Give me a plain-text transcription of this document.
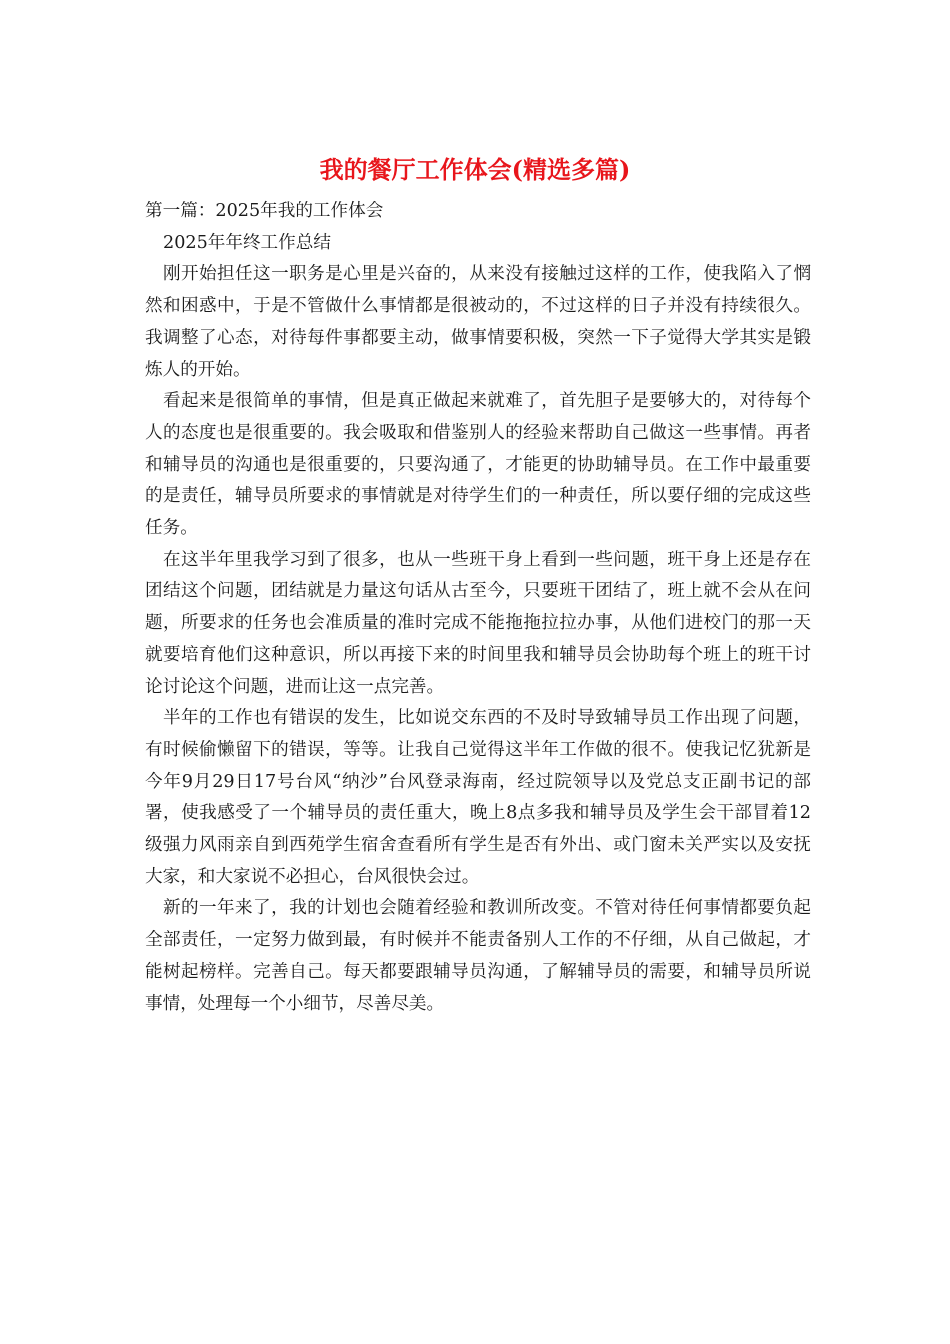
我的餐厅工作体会(精选多篇)

第一篇：2025年我的工作体会

2025年年终工作总结

刚开始担任这一职务是心里是兴奋的，从来没有接触过这样的工作，使我陷入了惘然和困惑中，于是不管做什么事情都是很被动的，不过这样的日子并没有持续很久。我调整了心态，对待每件事都要主动，做事情要积极，突然一下子觉得大学其实是锻炼人的开始。

看起来是很简单的事情，但是真正做起来就难了，首先胆子是要够大的，对待每个人的态度也是很重要的。我会吸取和借鉴别人的经验来帮助自己做这一些事情。再者和辅导员的沟通也是很重要的，只要沟通了，才能更的协助辅导员。在工作中最重要的是责任，辅导员所要求的事情就是对待学生们的一种责任，所以要仔细的完成这些任务。

在这半年里我学习到了很多，也从一些班干身上看到一些问题，班干身上还是存在团结这个问题，团结就是力量这句话从古至今，只要班干团结了，班上就不会从在问题，所要求的任务也会准质量的准时完成不能拖拖拉拉办事，从他们进校门的那一天就要培育他们这种意识，所以再接下来的时间里我和辅导员会协助每个班上的班干讨论讨论这个问题，进而让这一点完善。

半年的工作也有错误的发生，比如说交东西的不及时导致辅导员工作出现了问题，有时候偷懒留下的错误，等等。让我自己觉得这半年工作做的很不。使我记忆犹新是今年9月29日17号台风“纳沙”台风登录海南，经过院领导以及党总支正副书记的部署，使我感受了一个辅导员的责任重大，晚上8点多我和辅导员及学生会干部冒着12级强力风雨亲自到西苑学生宿舍查看所有学生是否有外出、或门窗未关严实以及安抚大家，和大家说不必担心，台风很快会过。

新的一年来了，我的计划也会随着经验和教训所改变。不管对待任何事情都要负起全部责任，一定努力做到最，有时候并不能责备别人工作的不仔细，从自己做起，才能树起榜样。完善自己。每天都要跟辅导员沟通，了解辅导员的需要，和辅导员所说事情，处理每一个小细节，尽善尽美。
